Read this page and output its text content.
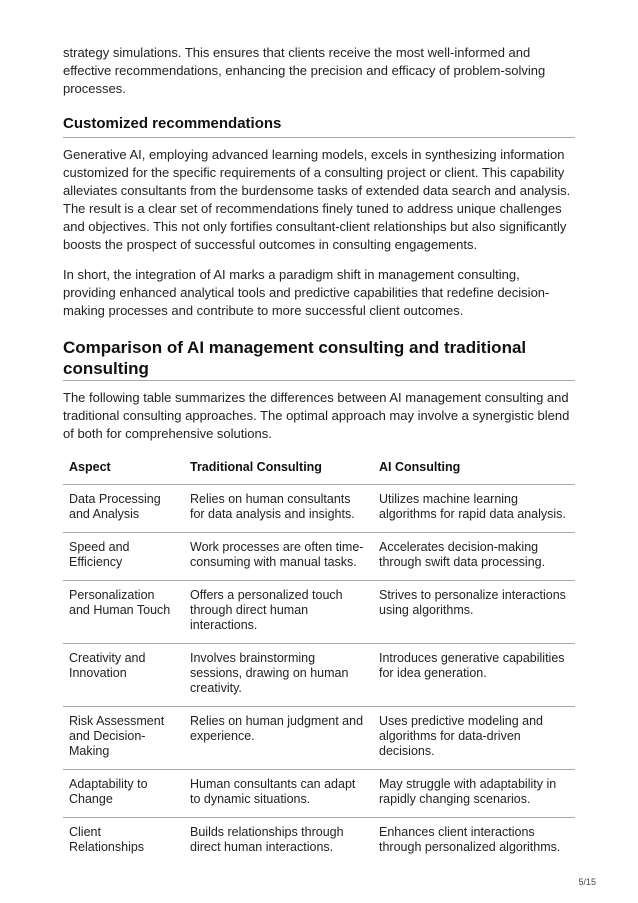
strategy simulations. This ensures that clients receive the most well-informed and effective recommendations, enhancing the precision and efficacy of problem-solving processes.

Customized recommendations

Generative AI, employing advanced learning models, excels in synthesizing information customized for the specific requirements of a consulting project or client. This capability alleviates consultants from the burdensome tasks of extended data search and analysis. The result is a clear set of recommendations finely tuned to address unique challenges and objectives. This not only fortifies consultant-client relationships but also significantly boosts the prospect of successful outcomes in consulting engagements.

In short, the integration of AI marks a paradigm shift in management consulting, providing enhanced analytical tools and predictive capabilities that redefine decision-making processes and contribute to more successful client outcomes.

Comparison of AI management consulting and traditional consulting

The following table summarizes the differences between AI management consulting and traditional consulting approaches. The optimal approach may involve a synergistic blend of both for comprehensive solutions.

Aspect	Traditional Consulting	AI Consulting
Data Processing and Analysis	Relies on human consultants for data analysis and insights.	Utilizes machine learning algorithms for rapid data analysis.
Speed and Efficiency	Work processes are often time-consuming with manual tasks.	Accelerates decision-making through swift data processing.
Personalization and Human Touch	Offers a personalized touch through direct human interactions.	Strives to personalize interactions using algorithms.
Creativity and Innovation	Involves brainstorming sessions, drawing on human creativity.	Introduces generative capabilities for idea generation.
Risk Assessment and Decision-Making	Relies on human judgment and experience.	Uses predictive modeling and algorithms for data-driven decisions.
Adaptability to Change	Human consultants can adapt to dynamic situations.	May struggle with adaptability in rapidly changing scenarios.
Client Relationships	Builds relationships through direct human interactions.	Enhances client interactions through personalized algorithms.
5/15
